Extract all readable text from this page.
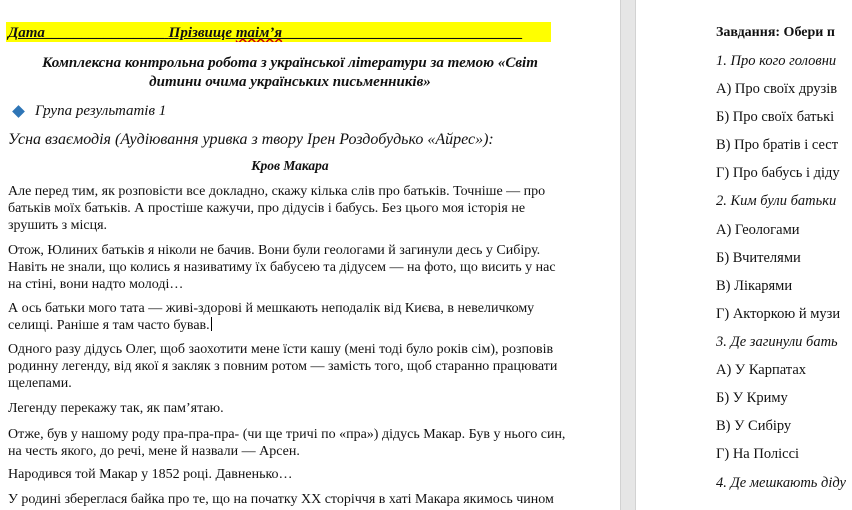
Дата________________ Прізвище таім’я________________________________
Комплексна контрольна робота з української літератури за темою «Світ
дитини очима українських письменників»
Група результатів 1
Усна взаємодія (Аудіювання уривка з твору Ірен Роздобудько «Айрес»):
Кров Макара
Але перед тим, як розповісти все докладно, скажу кілька слів про батьків. Точніше — про
батьків моїх батьків. А простіше кажучи, про дідусів і бабусь. Без цього моя історія не
зрушить з місця.
Отож, Юлиних батьків я ніколи не бачив. Вони були геологами й загинули десь у Сибіру.
Навіть не знали, що колись я називатиму їх бабусею та дідусем — на фото, що висить у нас
на стіні, вони надто молоді…
А ось батьки мого тата — живі-здорові й мешкають неподалік від Києва, в невеличкому
селищі. Раніше я там часто бував.
Одного разу дідусь Олег, щоб заохотити мене їсти кашу (мені тоді було років сім), розповів
родинну легенду, від якої я закляк з повним ротом — замість того, щоб старанно працювати
щелепами.
Легенду перекажу так, як пам’ятаю.
Отже, був у нашому роду пра-пра-пра- (чи ще тричі по «пра») дідусь Макар. Був у нього син,
на честь якого, до речі, мене й назвали — Арсен.
Народився той Макар у 1852 році. Давненько…
У родині збереглася байка про те, що на початку ХХ сторіччя в хаті Макара якимось чином
Завдання: Обери п
1. Про кого головни
А) Про своїх друзів
Б) Про своїх батькі
В) Про братів і сест
Г) Про бабусь і діду
2. Ким були батьки
А) Геологами
Б) Вчителями
В) Лікарями
Г) Акторкою й музи
3. Де загинули бать
А) У Карпатах
Б) У Криму
В) У Сибіру
Г) На Поліссі
4. Де мешкають діду
